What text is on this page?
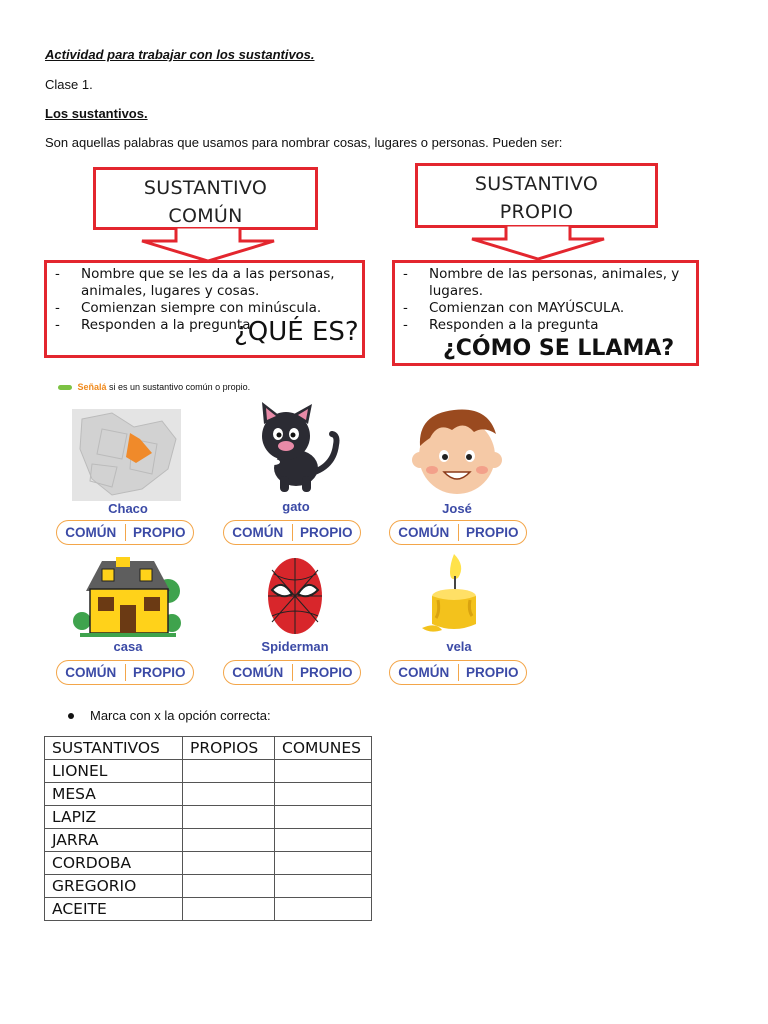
Actividad para trabajar con los sustantivos.
Clase 1.
Los sustantivos.
Son aquellas palabras que usamos para nombrar cosas, lugares o personas. Pueden ser:
SUSTANTIVO
COMÚN
-	Nombre que se les da a las personas,
animales, lugares y cosas.
-	Comienzan siempre con minúscula.
-	Responden a la pregunta
¿QUÉ ES?
SUSTANTIVO
PROPIO
-	Nombre de las personas, animales, y
lugares.
-	Comienzan con MAYÚSCULA.
-	Responden a la pregunta
¿CÓMO SE LLAMA?
Señalá si es un sustantivo común o propio.
Chaco
COMÚN	PROPIO
gato
COMÚN	PROPIO
José
COMÚN	PROPIO
casa
COMÚN	PROPIO
Spiderman
COMÚN	PROPIO
vela
COMÚN	PROPIO
Marca con x la opción correcta:
SUSTANTIVOS	PROPIOS	COMUNES
LIONEL		
MESA		
LAPIZ		
JARRA		
CORDOBA		
GREGORIO		
ACEITE		
